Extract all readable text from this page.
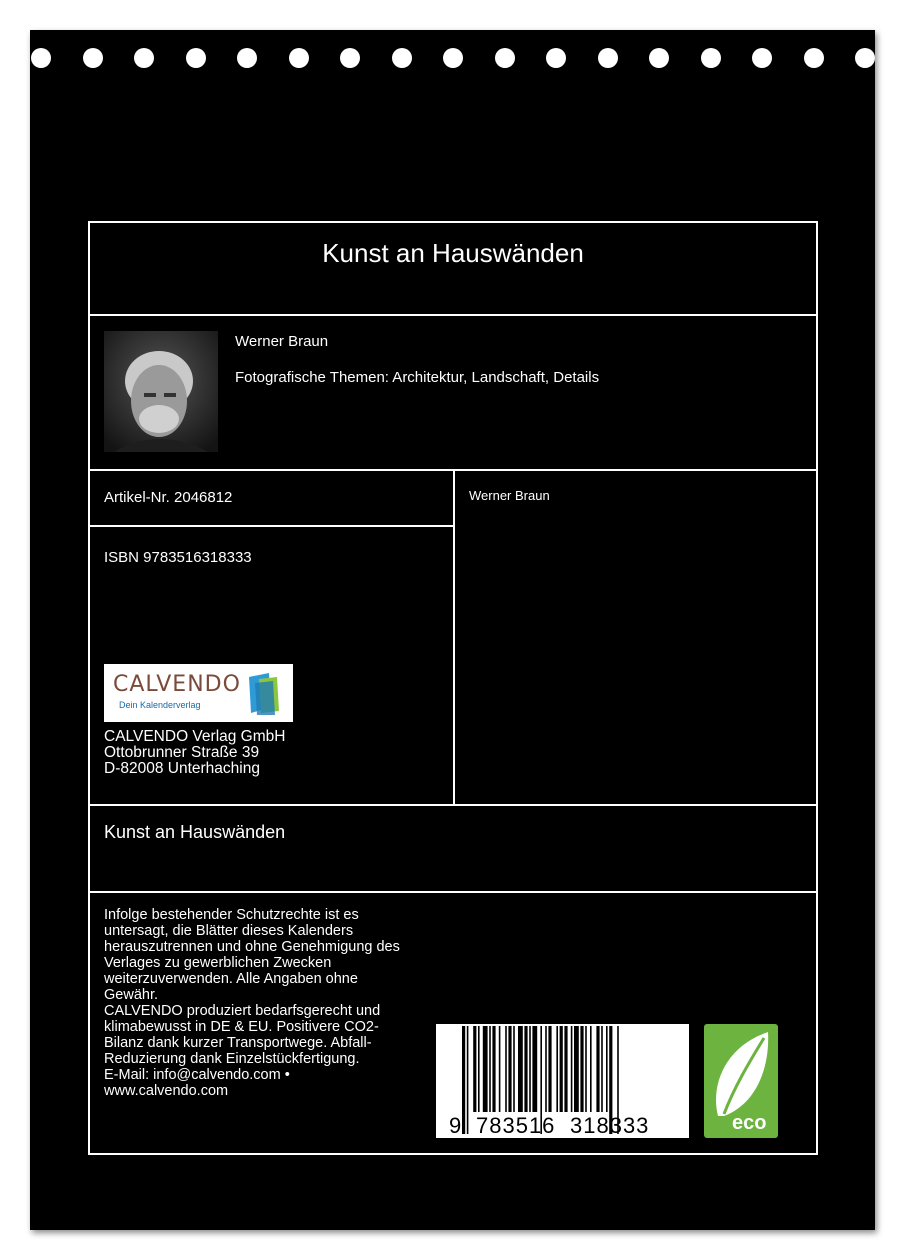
Kunst an Hauswänden
Werner Braun
Fotografische Themen: Architektur, Landschaft, Details
Artikel-Nr. 2046812	Werner Braun
ISBN 9783516318333
CALVENDO
Dein Kalenderverlag
CALVENDO Verlag GmbH
Ottobrunner Straße 39
D-82008 Unterhaching
Kunst an Hauswänden
Infolge bestehender Schutzrechte ist es
untersagt, die Blätter dieses Kalenders
herauszutrennen und ohne Genehmigung des
Verlages zu gewerblichen Zwecken
weiterzuverwenden. Alle Angaben ohne
Gewähr.
CALVENDO produziert bedarfsgerecht und
klimabewusst in DE & EU. Positivere CO2-
Bilanz dank kurzer Transportwege. Abfall-
Reduzierung dank Einzelstückfertigung.
E-Mail: info@calvendo.com •
www.calvendo.com
9 783516 318333	eco
